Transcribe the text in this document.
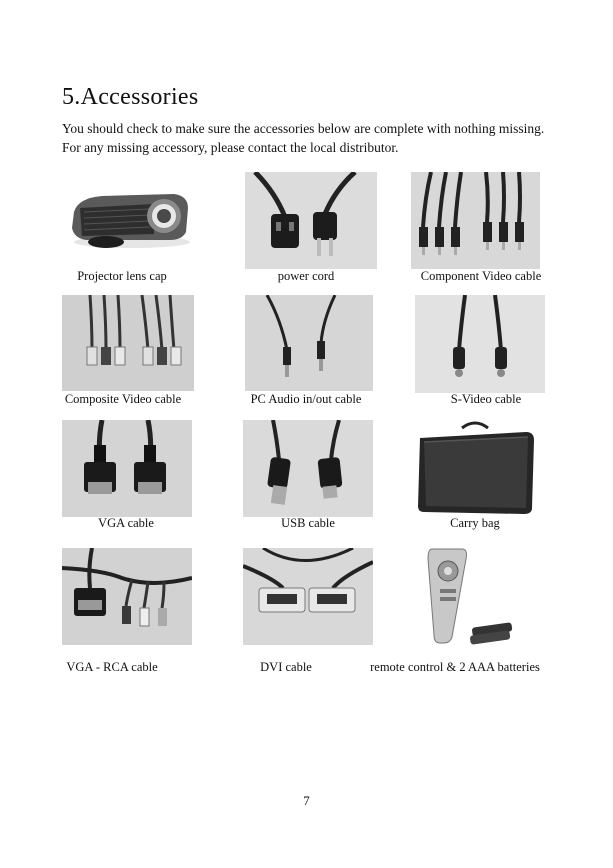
5.Accessories
You should check to make sure the accessories below are complete with nothing missing. For any missing accessory, please contact the local distributor.
Projector lens cap	power cord	Component Video cable
Composite Video cable	PC Audio in/out cable	S-Video cable
VGA cable	USB cable	Carry bag
VGA - RCA cable	DVI cable	remote control & 2 AAA batteries
7
